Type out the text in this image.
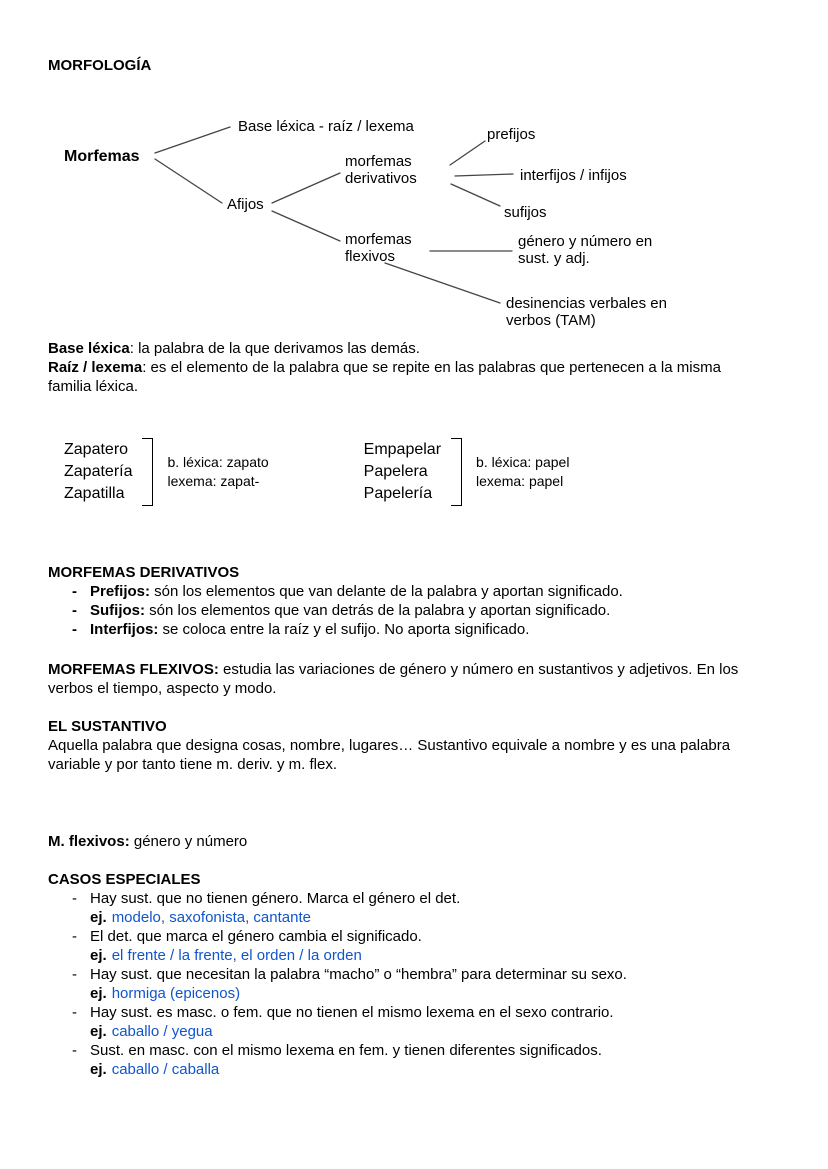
MORFOLOGÍA
Morfemas
Base léxica - raíz / lexema
Afijos
morfemas derivativos
prefijos
interfijos / infijos
sufijos
morfemas flexivos
género y número en sust. y adj.
desinencias verbales en verbos (TAM)

Base léxica: la palabra de la que derivamos las demás.

Raíz / lexema: es el elemento de la palabra que se repite en las palabras que pertenecen a la misma familia léxica.

Zapatero
Zapatería
Zapatilla
b. léxica: zapato
lexema: zapat-
Empapelar
Papelera
Papelería
b. léxica: papel
lexema: papel
MORFEMAS DERIVATIVOS
- Prefijos: són los elementos que van delante de la palabra y aportan significado.
- Sufijos: són los elementos que van detrás de la palabra y aportan significado.
- Interfijos: se coloca entre la raíz y el sufijo. No aporta significado.

MORFEMAS FLEXIVOS: estudia las variaciones de género y número en sustantivos y adjetivos. En los verbos el tiempo, aspecto y modo.

EL SUSTANTIVO

Aquella palabra que designa cosas, nombre, lugares… Sustantivo equivale a nombre y es una palabra variable y por tanto tiene m. deriv. y m. flex.

M. flexivos: género y número

CASOS ESPECIALES
- Hay sust. que no tienen género. Marca el género el det.
ej. modelo, saxofonista, cantante
- El det. que marca el género cambia el significado.
ej. el frente / la frente, el orden / la orden
- Hay sust. que necesitan la palabra “macho” o “hembra” para determinar su sexo.
ej. hormiga (epicenos)
- Hay sust. es masc. o fem. que no tienen el mismo lexema en el sexo contrario.
ej. caballo / yegua
- Sust. en masc. con el mismo lexema en fem. y tienen diferentes significados.
ej. caballo / caballa
